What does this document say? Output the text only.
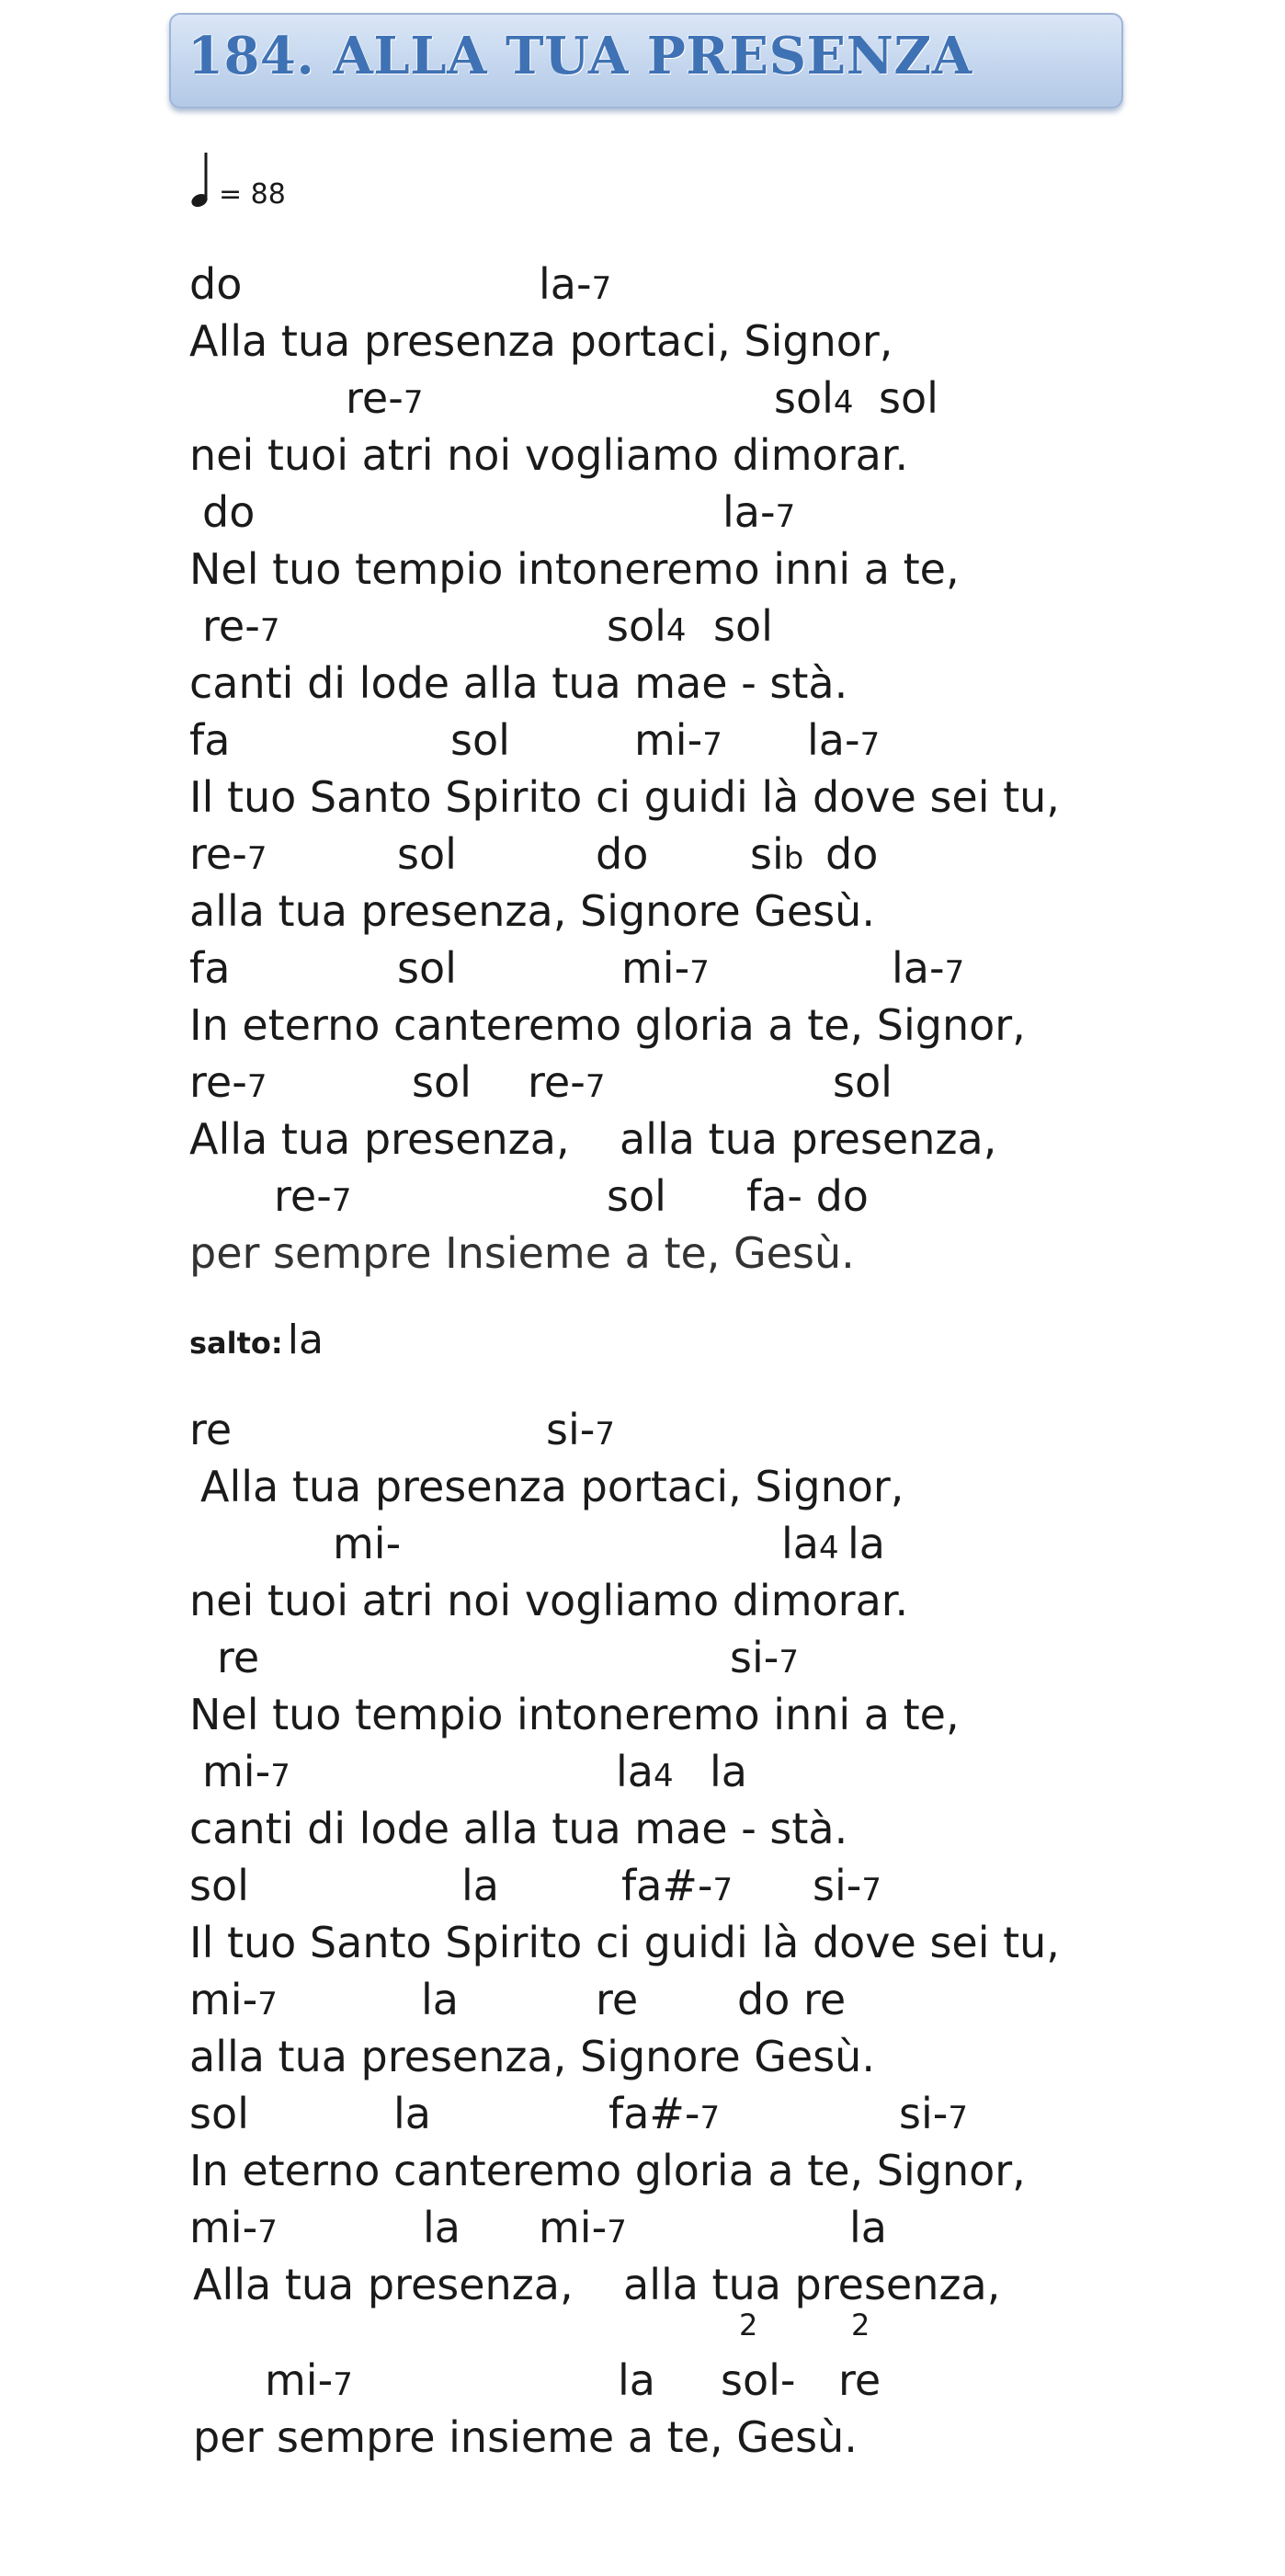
184. ALLA TUA PRESENZA
= 88
do	la-7
Alla tua presenza portaci, Signor,
re-7	sol4 sol
nei tuoi atri noi vogliamo dimorar.
do	la-7
Nel tuo tempio intoneremo inni a te,
re-7	sol4 sol
canti di lode alla tua mae - stà.
fa	sol	mi-7 la-7
Il tuo Santo Spirito ci guidi là dove sei tu,
re-7	sol	do sib do
alla tua presenza, Signore Gesù.
fa	sol	mi-7	la-7
In eterno canteremo gloria a te, Signor,
re-7	sol re-7	sol
Alla tua presenza, alla tua presenza,
re-7	sol fa- do
per sempre Insieme a te, Gesù.
salto: la
re	si-7
Alla tua presenza portaci, Signor,
mi-	la4 la
nei tuoi atri noi vogliamo dimorar.
re	si-7
Nel tuo tempio intoneremo inni a te,
mi-7	la4 la
canti di lode alla tua mae - stà.
sol	la	fa#-7 si-7
Il tuo Santo Spirito ci guidi là dove sei tu,
mi-7	la	re do re
alla tua presenza, Signore Gesù.
sol	la	fa#-7	si-7
In eterno canteremo gloria a te, Signor,
mi-7	la mi-7	la
Alla tua presenza, alla tua presenza,
2	2
mi-7	la sol- re
per sempre insieme a te, Gesù.
